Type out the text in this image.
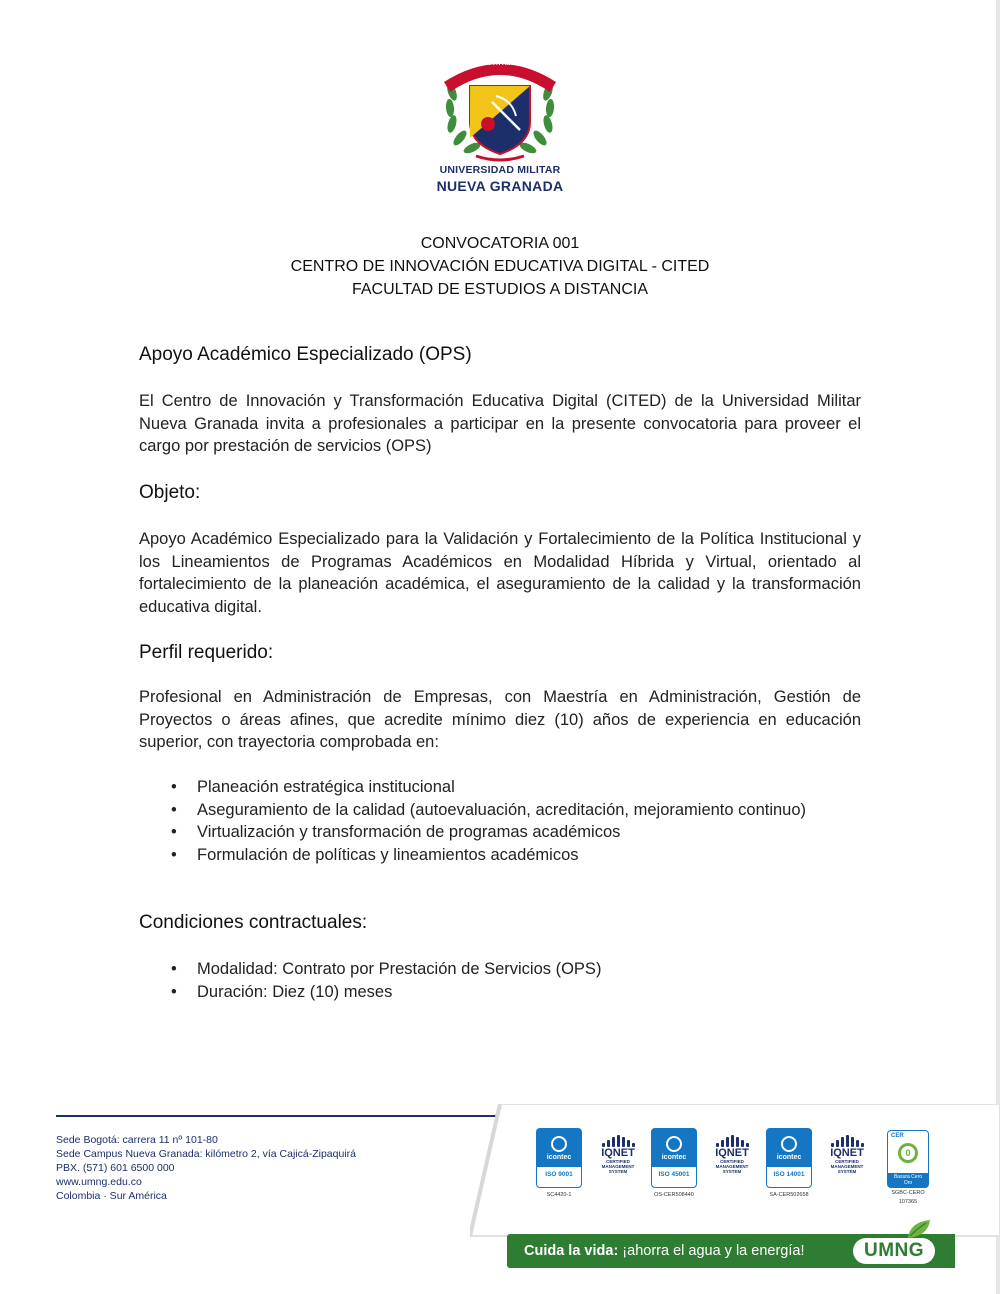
SCIENTIÆ · PATRIÆ · FAMILIÆ
UNIVERSIDAD MILITAR
NUEVA GRANADA
CONVOCATORIA 001
CENTRO DE INNOVACIÓN EDUCATIVA DIGITAL - CITED
FACULTAD DE ESTUDIOS A DISTANCIA
Apoyo Académico Especializado (OPS)
El Centro de Innovación y Transformación Educativa Digital (CITED) de la Universidad Militar Nueva Granada invita a profesionales a participar en la presente convocatoria para proveer el cargo por prestación de servicios (OPS)
Objeto:
Apoyo Académico Especializado para la Validación y Fortalecimiento de la Política Institucional y los Lineamientos de Programas Académicos en Modalidad Híbrida y Virtual, orientado al fortalecimiento de la planeación académica, el aseguramiento de la calidad y la transformación educativa digital.
Perfil requerido:
Profesional en Administración de Empresas, con Maestría en Administración, Gestión de Proyectos o áreas afines, que acredite mínimo diez (10) años de experiencia en educación superior, con trayectoria comprobada en:
• Planeación estratégica institucional
• Aseguramiento de la calidad (autoevaluación, acreditación, mejoramiento continuo)
• Virtualización y transformación de programas académicos
• Formulación de políticas y lineamientos académicos
Condiciones contractuales:
• Modalidad: Contrato por Prestación de Servicios (OPS)
• Duración: Diez (10) meses
Sede Bogotá: carrera 11 nº 101-80
Sede Campus Nueva Granada: kilómetro 2, vía Cajicá-Zipaquirá
PBX. (571) 601 6500 000
www.umng.edu.co
Colombia · Sur América
icontec
ISO 9001
SC4420-1
IQNET
CERTIFIED
MANAGEMENT
SYSTEM
icontec
ISO 45001
OS-CER508440
IQNET
CERTIFIED
MANAGEMENT
SYSTEM
icontec
ISO 14001
SA-CER502658
IQNET
CERTIFIED
MANAGEMENT
SYSTEM
CER
0
Basura Cero
Oro
SGBC-CERO
107365
Cuida la vida: ¡ahorra el agua y la energía!	UMNG
